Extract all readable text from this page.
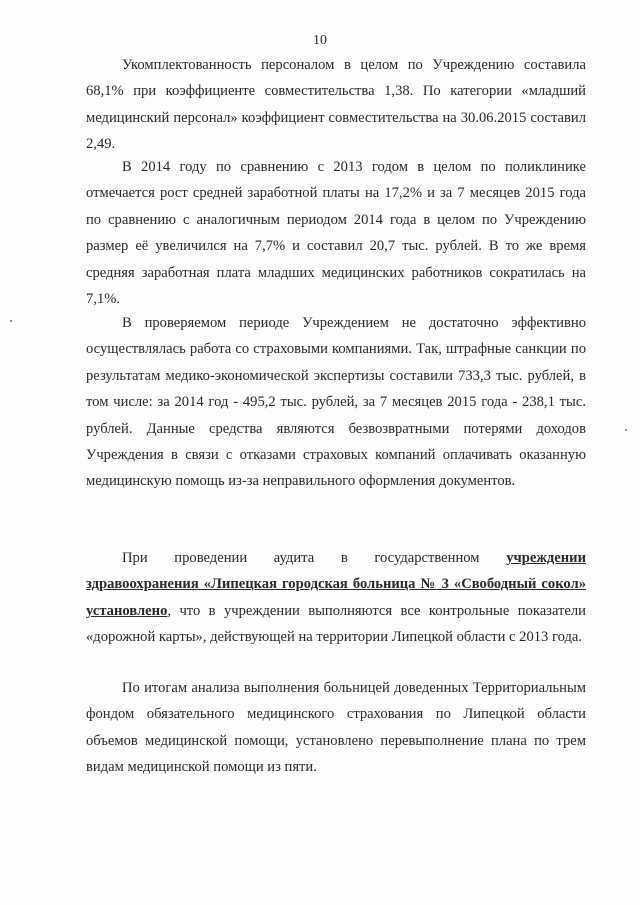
10

Укомплектованность персоналом в целом по Учреждению составила 68,1% при коэффициенте совместительства 1,38. По категории «младший медицинский персонал» коэффициент совместительства на 30.06.2015 составил 2,49.

В 2014 году по сравнению с 2013 годом в целом по поликлинике отмечается рост средней заработной платы на 17,2% и за 7 месяцев 2015 года по сравнению с аналогичным периодом 2014 года в целом по Учреждению размер её увеличился на 7,7% и составил 20,7 тыс. рублей. В то же время средняя заработная плата младших медицинских работников сократилась на 7,1%.

В проверяемом периоде Учреждением не достаточно эффективно осуществлялась работа со страховыми компаниями. Так, штрафные санкции по результатам медико-экономической экспертизы составили 733,3 тыс. рублей, в том числе: за 2014 год - 495,2 тыс. рублей, за 7 месяцев 2015 года - 238,1 тыс. рублей. Данные средства являются безвозвратными потерями доходов Учреждения в связи с отказами страховых компаний оплачивать оказанную медицинскую помощь из-за неправильного оформления документов.

При проведении аудита в государственном учреждении здравоохранения «Липецкая городская больница № 3 «Свободный сокол» установлено, что в учреждении выполняются все контрольные показатели «дорожной карты», действующей на территории Липецкой области с 2013 года.

По итогам анализа выполнения больницей доведенных Территориальным фондом обязательного медицинского страхования по Липецкой области объемов медицинской помощи, установлено перевыполнение плана по трем видам медицинской помощи из пяти.
